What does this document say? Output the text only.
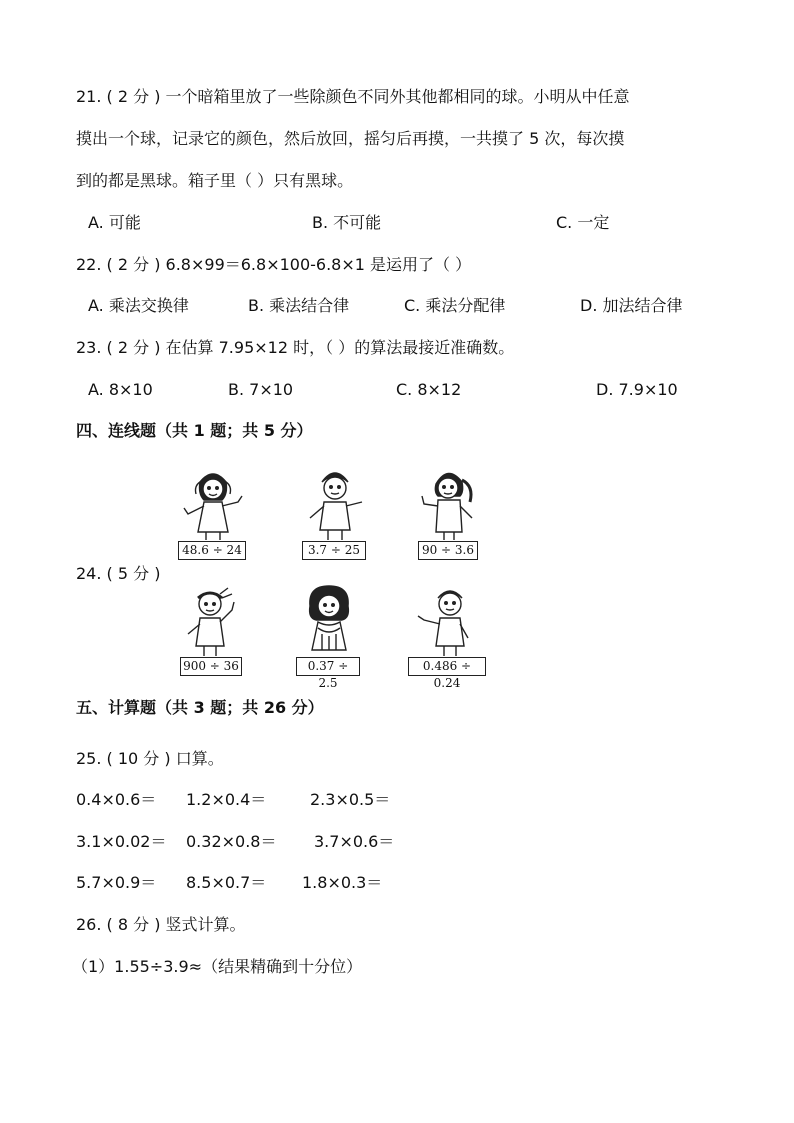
21. ( 2 分 ) 一个暗箱里放了一些除颜色不同外其他都相同的球。小明从中任意
摸出一个球，记录它的颜色，然后放回，摇匀后再摸，一共摸了 5 次，每次摸
到的都是黑球。箱子里（ ）只有黑球。
A. 可能	B. 不可能	C. 一定
22. ( 2 分 ) 6.8×99＝6.8×100-6.8×1 是运用了（ ）
A. 乘法交换律	B. 乘法结合律	C. 乘法分配律	D. 加法结合律
23. ( 2 分 ) 在估算 7.95×12 时，（ ）的算法最接近准确数。
A. 8×10	B. 7×10	C. 8×12	D. 7.9×10
四、连线题（共 1 题；共 5 分）
24. ( 5 分 )
48.6 ÷ 24	3.7 ÷ 25	90 ÷ 3.6
900 ÷ 36	0.37 ÷ 2.5
0.486 ÷ 0.24
五、计算题（共 3 题；共 26 分）
25. ( 10 分 ) 口算。
0.4×0.6＝ 1.2×0.4＝	2.3×0.5＝
3.1×0.02＝ 0.32×0.8＝ 3.7×0.6＝
5.7×0.9＝ 8.5×0.7＝ 1.8×0.3＝
26. ( 8 分 ) 竖式计算。
（1）1.55÷3.9≈（结果精确到十分位）
